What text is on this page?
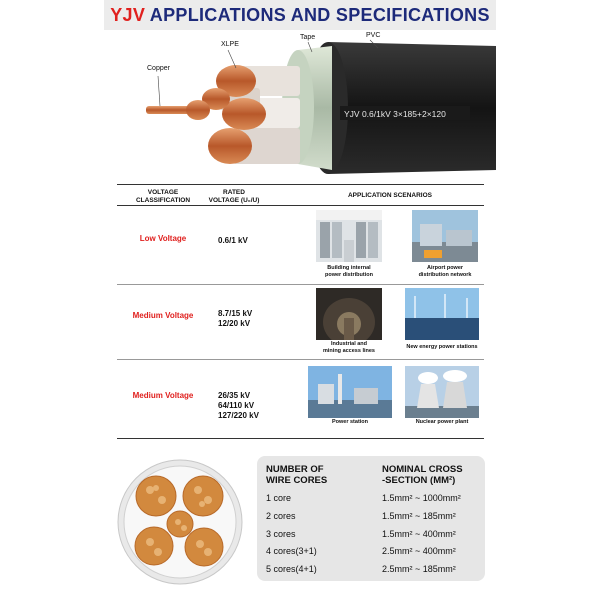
YJV APPLICATIONS AND SPECIFICATIONS
YJV 0.6/1kV 3×185+2×120
Copper
XLPE
Tape	PVC
VOLTAGE
CLASSIFICATION
RATED
VOLTAGE (U₀/U)
APPLICATION SCENARIOS
Low Voltage	0.6/1 kV
Building internal
power distribution
Airport power
distribution network
Medium Voltage	8.7/15 kV
12/20 kV
Industrial and
mining access lines
New energy power stations
Medium Voltage	26/35 kV
64/110 kV
127/220 kV
Power station	Nuclear power plant
NUMBER OF
WIRE CORES
NOMINAL CROSS
-SECTION (MM²)
1 core	1.5mm² ~ 1000mm²
2 cores	1.5mm² ~ 185mm²
3 cores	1.5mm² ~ 400mm²
4 cores(3+1)	2.5mm² ~ 400mm²
5 cores(4+1)	2.5mm² ~ 185mm²
